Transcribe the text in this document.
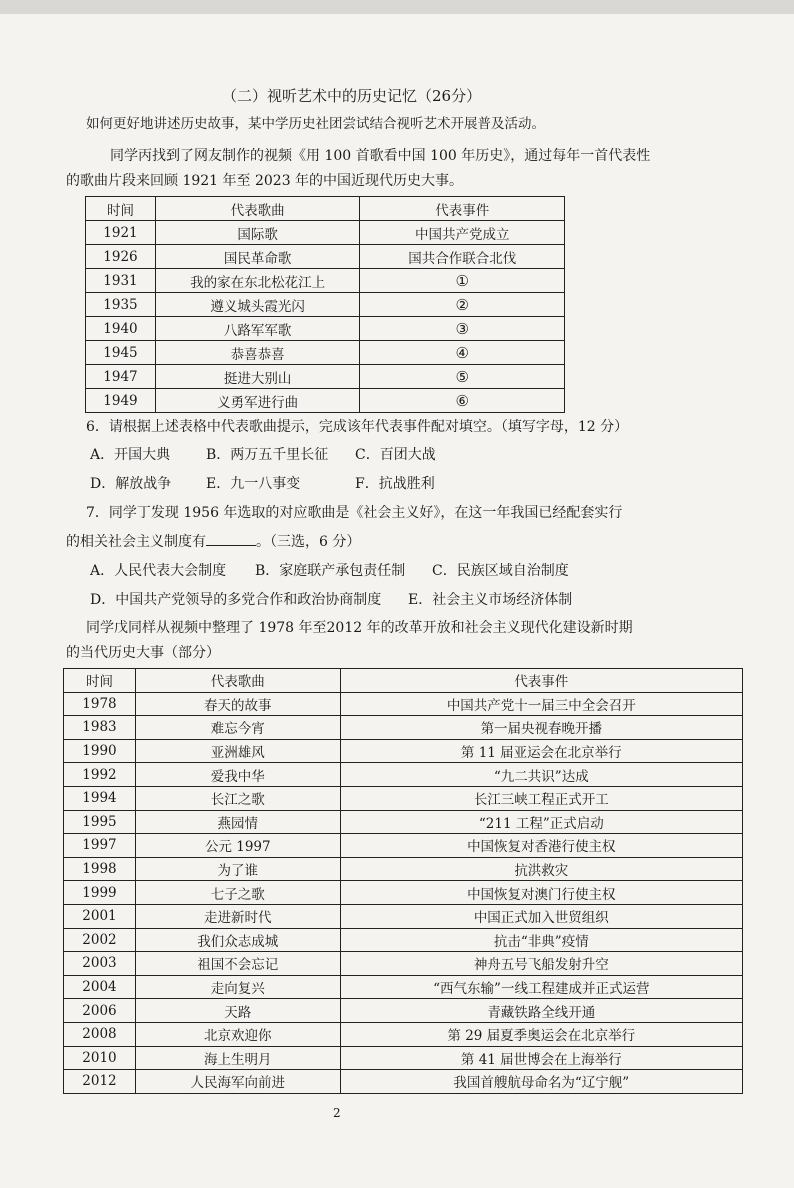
（二）视听艺术中的历史记忆（26分）
如何更好地讲述历史故事，某中学历史社团尝试结合视听艺术开展普及活动。
同学丙找到了网友制作的视频《用 100 首歌看中国 100 年历史》，通过每年一首代表性
的歌曲片段来回顾 1921 年至 2023 年的中国近现代历史大事。
时间	代表歌曲	代表事件
1921	国际歌	中国共产党成立
1926	国民革命歌	国共合作联合北伐
1931	我的家在东北松花江上	①
1935	遵义城头霞光闪	②
1940	八路军军歌	③
1945	恭喜恭喜	④
1947	挺进大别山	⑤
1949	义勇军进行曲	⑥
6．请根据上述表格中代表歌曲提示，完成该年代表事件配对填空。（填写字母，12 分）
A．开国大典	B．两万五千里长征 C．百团大战
D．解放战争 E．九一八事变	F．抗战胜利
7．同学丁发现 1956 年选取的对应歌曲是《社会主义好》，在这一年我国已经配套实行
的相关社会主义制度有	。（三选，6 分）
A．人民代表大会制度 B．家庭联产承包责任制 C．民族区域自治制度
D．中国共产党领导的多党合作和政治协商制度 E．社会主义市场经济体制
同学戊同样从视频中整理了 1978 年至2012 年的改革开放和社会主义现代化建设新时期
的当代历史大事（部分）
时间	代表歌曲	代表事件
1978	春天的故事	中国共产党十一届三中全会召开
1983	难忘今宵	第一届央视春晚开播
1990	亚洲雄风	第 11 届亚运会在北京举行
1992	爱我中华	“九二共识”达成
1994	长江之歌	长江三峡工程正式开工
1995	燕园情	“211 工程”正式启动
1997	公元 1997	中国恢复对香港行使主权
1998	为了谁	抗洪救灾
1999	七子之歌	中国恢复对澳门行使主权
2001	走进新时代	中国正式加入世贸组织
2002	我们众志成城	抗击“非典”疫情
2003	祖国不会忘记	神舟五号飞船发射升空
2004	走向复兴	“西气东输”一线工程建成并正式运营
2006	天路	青藏铁路全线开通
2008	北京欢迎你	第 29 届夏季奥运会在北京举行
2010	海上生明月	第 41 届世博会在上海举行
2012	人民海军向前进	我国首艘航母命名为“辽宁舰”
2
